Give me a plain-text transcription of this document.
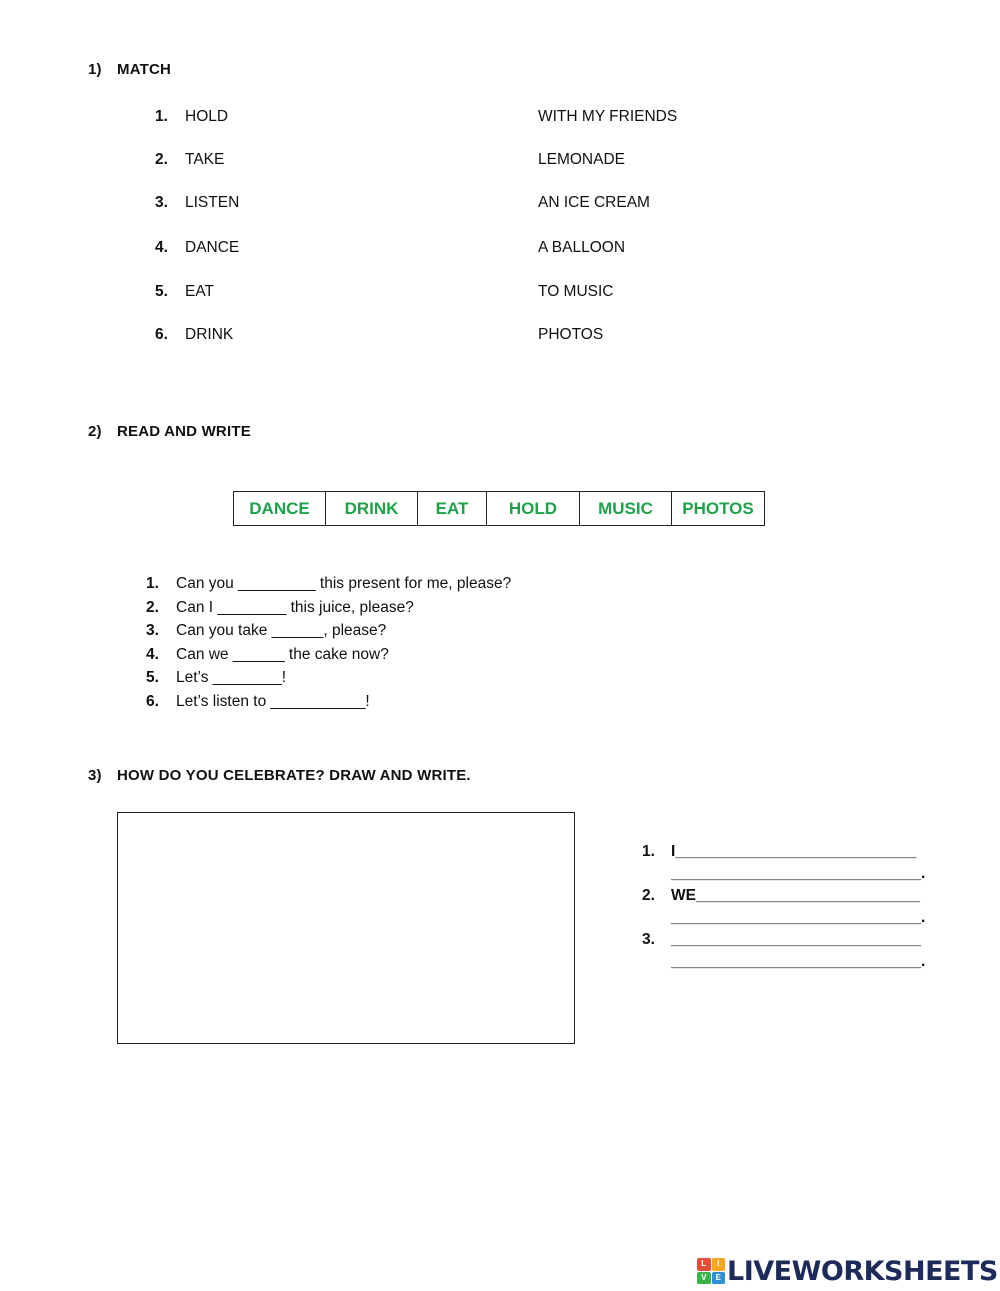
1) MATCH
1. HOLD	WITH MY FRIENDS
2. TAKE	LEMONADE
3. LISTEN	AN ICE CREAM
4. DANCE	A BALLOON
5. EAT	TO MUSIC
6. DRINK	PHOTOS
2) READ AND WRITE
DANCE	DRINK	EAT	HOLD	MUSIC	PHOTOS
1. Can you _________ this present for me, please?
2. Can I ________ this juice, please?
3. Can you take ______, please?
4. Can we ______ the cake now?
5. Let’s ________!
6. Let’s listen to ___________!
3) HOW DO YOU CELEBRATE? DRAW AND WRITE.
1. I____________________________
_____________________________.
2. WE__________________________
_____________________________.
3. _____________________________
_____________________________.
L	I
V	E LIVEWORKSHEETS
